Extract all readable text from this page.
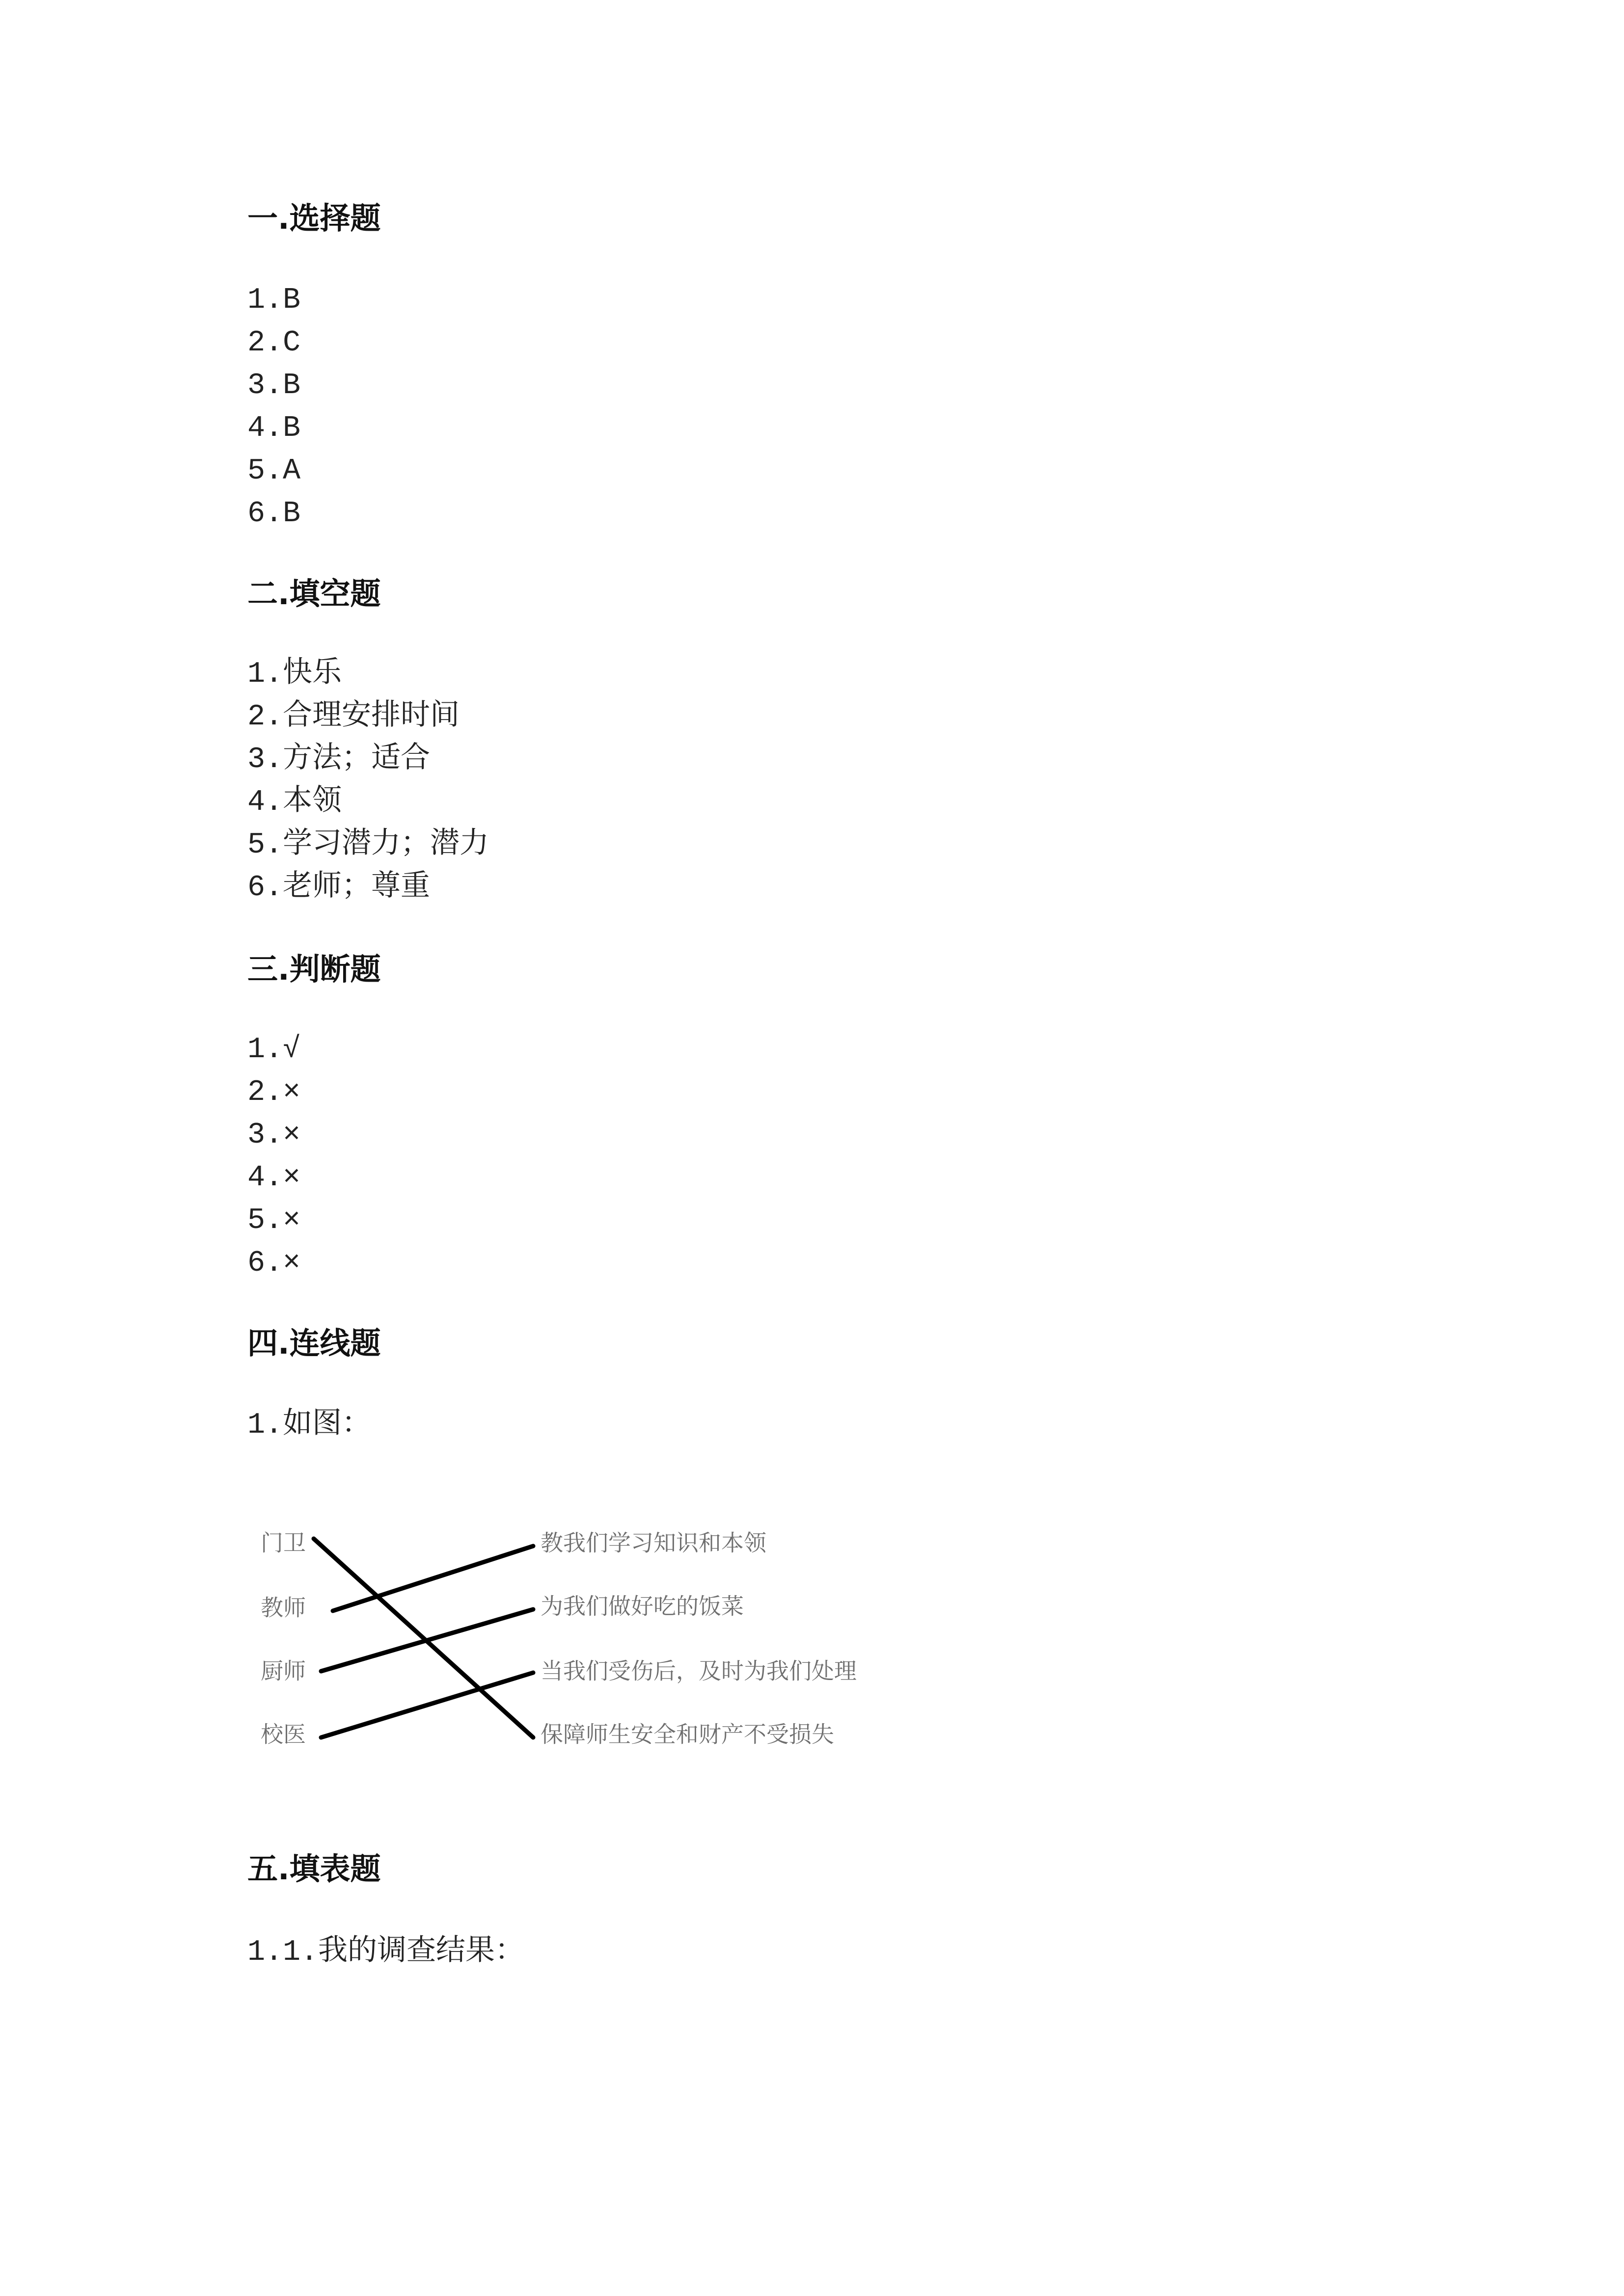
一.选择题
1.B
2.C
3.B
4.B
5.A
6.B
二.填空题
1.快乐
2.合理安排时间
3.方法；适合
4.本领
5.学习潜力；潜力
6.老师；尊重
三.判断题
1.√
2.×
3.×
4.×
5.×
6.×
四.连线题
1.如图：
门卫
教师
厨师
校医
教我们学习知识和本领
为我们做好吃的饭菜
当我们受伤后，及时为我们处理
保障师生安全和财产不受损失
五.填表题
1.1.我的调查结果：
